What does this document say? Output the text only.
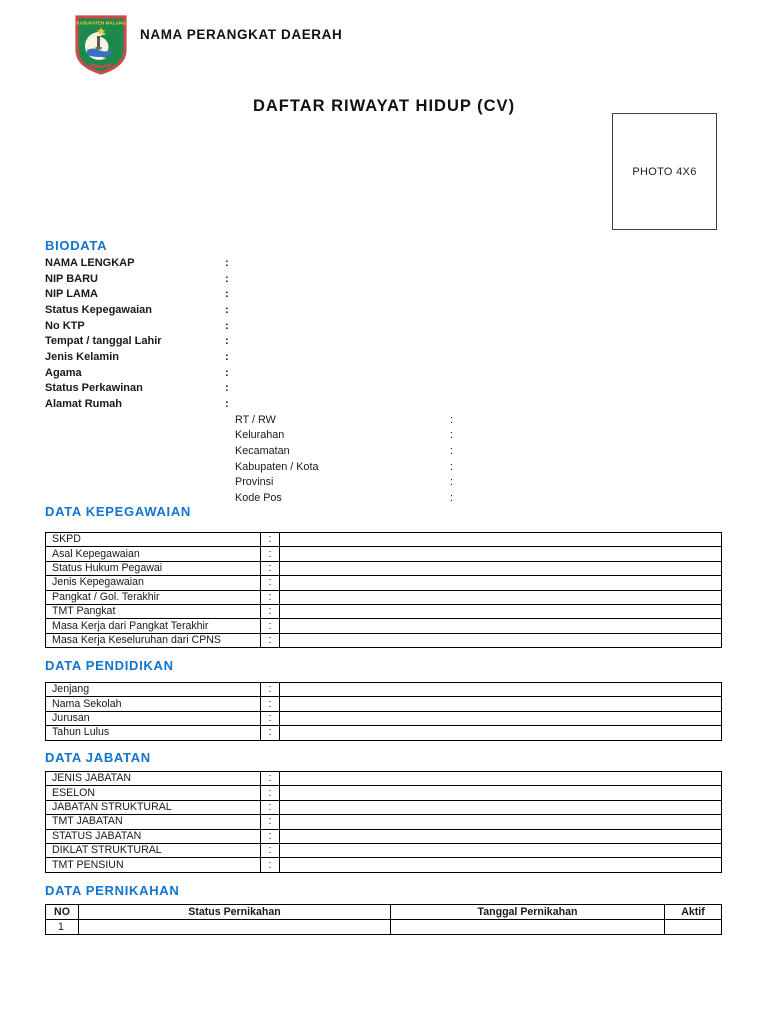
KABUPATEN MALANG
NAMA PERANGKAT DAERAH
DAFTAR RIWAYAT HIDUP (CV)
PHOTO 4X6
BIODATA
NAMA LENGKAP	:
NIP BARU	:
NIP LAMA	:
Status Kepegawaian	:
No KTP	:
Tempat / tanggal Lahir	:
Jenis Kelamin	:
Agama	:
Status Perkawinan	:
Alamat Rumah	:
RT / RW	:
Kelurahan	:
Kecamatan	:
Kabupaten / Kota	:
Provinsi	:
Kode Pos	:
DATA KEPEGAWAIAN
SKPD	:	
Asal Kepegawaian	:	
Status Hukum Pegawai	:	
Jenis Kepegawaian	:	
Pangkat / Gol. Terakhir	:	
TMT Pangkat	:	
Masa Kerja dari Pangkat Terakhir	:	
Masa Kerja Keseluruhan dari CPNS	:	
DATA PENDIDIKAN
Jenjang	:	
Nama Sekolah	:	
Jurusan	:	
Tahun Lulus	:	
DATA JABATAN
JENIS JABATAN	:	
ESELON	:	
JABATAN STRUKTURAL	:	
TMT JABATAN	:	
STATUS JABATAN	:	
DIKLAT STRUKTURAL	:	
TMT PENSIUN	:	
DATA PERNIKAHAN
NO	Status Pernikahan	Tanggal Pernikahan	Aktif
1			
